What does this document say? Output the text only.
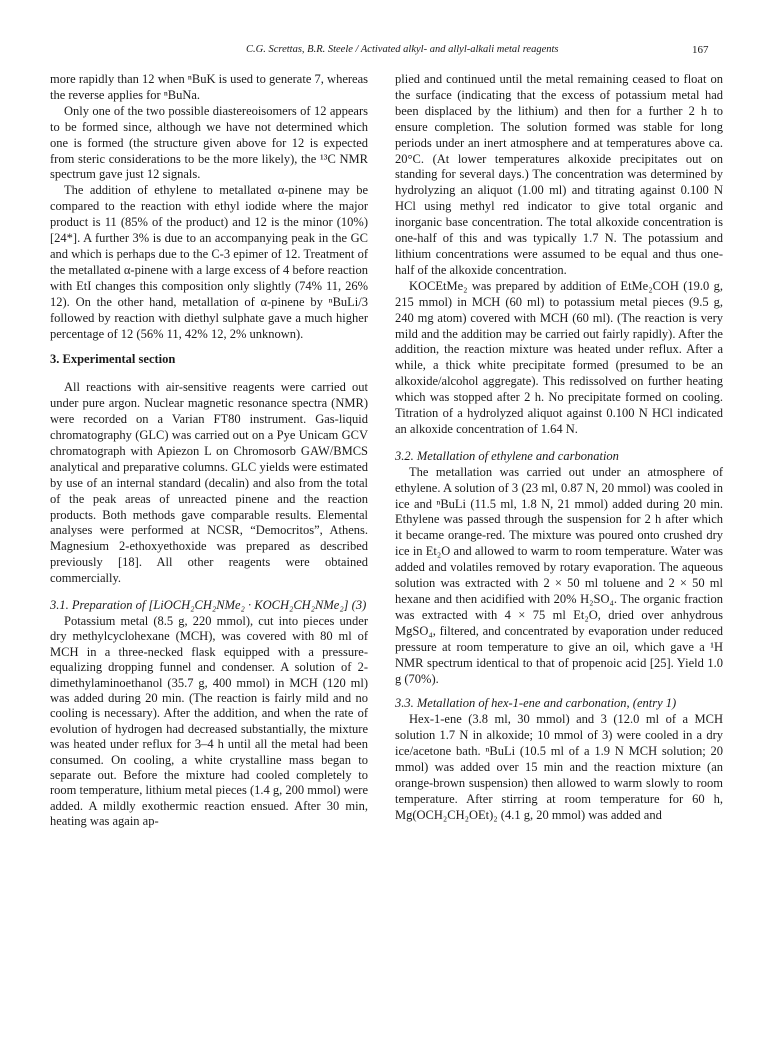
C.G. Screttas, B.R. Steele / Activated alkyl- and allyl-alkali metal reagents	167

more rapidly than 12 when ⁿBuK is used to generate 7, whereas the reverse applies for ⁿBuNa.

Only one of the two possible diastereoisomers of 12 appears to be formed since, although we have not determined which one is formed (the structure given above for 12 is expected from steric considerations to be the more likely), the ¹³C NMR spectrum gave just 12 signals.

The addition of ethylene to metallated α-pinene may be compared to the reaction with ethyl iodide where the major product is 11 (85% of the product) and 12 is the minor (10%) [24*]. A further 3% is due to an accompanying peak in the GC and which is perhaps due to the C-3 epimer of 12. Treatment of the metallated α-pinene with a large excess of 4 before reaction with EtI changes this composition only slightly (74% 11, 26% 12). On the other hand, metallation of α-pinene by ⁿBuLi/3 followed by reaction with diethyl sulphate gave a much higher percentage of 12 (56% 11, 42% 12, 2% unknown).

3. Experimental section

All reactions with air-sensitive reagents were carried out under pure argon. Nuclear magnetic resonance spectra (NMR) were recorded on a Varian FT80 instrument. Gas-liquid chromatography (GLC) was carried out on a Pye Unicam GCV chromatograph with Apiezon L on Chromosorb GAW/BMCS analytical and preparative columns. GLC yields were estimated by use of an internal standard (decalin) and also from the total of the peak areas of unreacted pinene and the reaction products. Both methods gave comparable results. Elemental analyses were performed at NCSR, “Democritos”, Athens. Magnesium 2-ethoxyethoxide was prepared as described previously [18]. All other reagents were obtained commercially.

3.1. Preparation of [LiOCH₂CH₂NMe₂ · KOCH₂CH₂NMe₂] (3)

Potassium metal (8.5 g, 220 mmol), cut into pieces under dry methylcyclohexane (MCH), was covered with 80 ml of MCH in a three-necked flask equipped with a pressure-equalizing dropping funnel and condenser. A solution of 2-dimethylaminoethanol (35.7 g, 400 mmol) in MCH (120 ml) was added during 20 min. (The reaction is fairly mild and no cooling is necessary). After the addition, and when the rate of evolution of hydrogen had decreased substantially, the mixture was heated under reflux for 3–4 h until all the metal had been consumed. On cooling, a white crystalline mass began to separate out. Before the mixture had cooled completely to room temperature, lithium metal pieces (1.4 g, 200 mmol) were added. A mildly exothermic reaction ensued. After 30 min, heating was again ap-

plied and continued until the metal remaining ceased to float on the surface (indicating that the excess of potassium metal had been displaced by the lithium) and then for a further 2 h to ensure completion. The solution formed was stable for long periods under an inert atmosphere and at temperatures above ca. 20°C. (At lower temperatures alkoxide precipitates out on standing for several days.) The concentration was determined by hydrolyzing an aliquot (1.00 ml) and titrating against 0.100 N HCl using methyl red indicator to give total organic and inorganic base concentration. The total alkoxide concentration is one-half of this and was typically 1.7 N. The potassium and lithium concentrations were assumed to be equal and thus one-half of the alkoxide concentration.

KOCEtMe₂ was prepared by addition of EtMe₂COH (19.0 g, 215 mmol) in MCH (60 ml) to potassium metal pieces (9.5 g, 240 mg atom) covered with MCH (60 ml). (The reaction is very mild and the addition may be carried out fairly rapidly). After the addition, the reaction mixture was heated under reflux. After a while, a thick white precipitate formed (presumed to be an alkoxide/alcohol aggregate). This redissolved on further heating which was stopped after 2 h. No precipitate formed on cooling. Titration of a hydrolyzed aliquot against 0.100 N HCl indicated an alkoxide concentration of 1.64 N.

3.2. Metallation of ethylene and carbonation

The metallation was carried out under an atmosphere of ethylene. A solution of 3 (23 ml, 0.87 N, 20 mmol) was cooled in ice and ⁿBuLi (11.5 ml, 1.8 N, 21 mmol) added during 20 min. Ethylene was passed through the suspension for 2 h after which it became orange-red. The mixture was poured onto crushed dry ice in Et₂O and allowed to warm to room temperature. Water was added and volatiles removed by rotary evaporation. The aqueous solution was extracted with 2 × 50 ml toluene and 2 × 50 ml hexane and then acidified with 20% H₂SO₄. The organic fraction was extracted with 4 × 75 ml Et₂O, dried over anhydrous MgSO₄, filtered, and concentrated by evaporation under reduced pressure at room temperature to give an oil, which gave a ¹H NMR spectrum identical to that of propenoic acid [25]. Yield 1.0 g (70%).

3.3. Metallation of hex-1-ene and carbonation, (entry 1)

Hex-1-ene (3.8 ml, 30 mmol) and 3 (12.0 ml of a MCH solution 1.7 N in alkoxide; 10 mmol of 3) were cooled in a dry ice/acetone bath. ⁿBuLi (10.5 ml of a 1.9 N MCH solution; 20 mmol) was added over 15 min and the reaction mixture (an orange-brown suspension) then allowed to warm slowly to room temperature. After stirring at room temperature for 60 h, Mg(OCH₂CH₂OEt)₂ (4.1 g, 20 mmol) was added and
